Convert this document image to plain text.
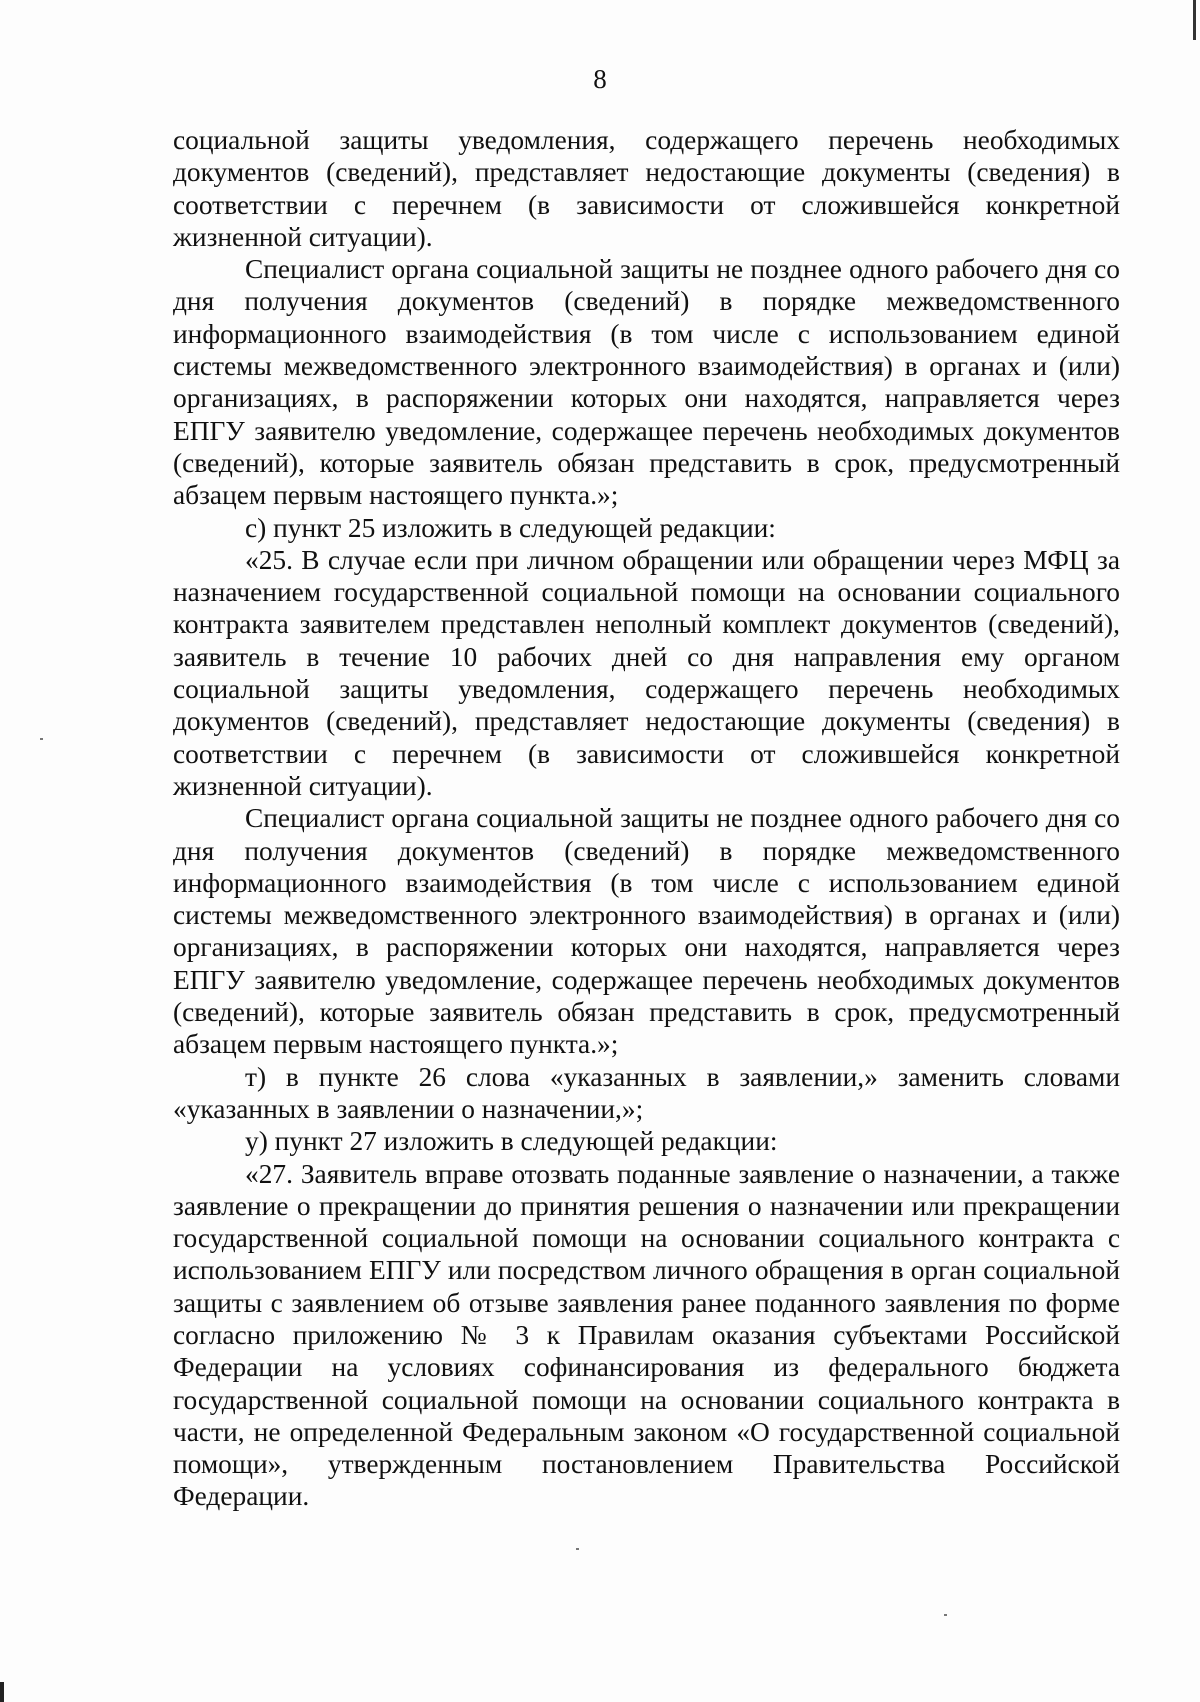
8

социальной защиты уведомления, содержащего перечень необходимых документов (сведений), представляет недостающие документы (сведения) в соответствии с перечнем (в зависимости от сложившейся конкретной жизненной ситуации).

Специалист органа социальной защиты не позднее одного рабочего дня со дня получения документов (сведений) в порядке межведомственного информационного взаимодействия (в том числе с использованием единой системы межведомственного электронного взаимодействия) в органах и (или) организациях, в распоряжении которых они находятся, направляется через ЕПГУ заявителю уведомление, содержащее перечень необходимых документов (сведений), которые заявитель обязан представить в срок, предусмотренный абзацем первым настоящего пункта.»;

с) пункт 25 изложить в следующей редакции:

«25. В случае если при личном обращении или обращении через МФЦ за назначением государственной социальной помощи на основании социального контракта заявителем представлен неполный комплект документов (сведений), заявитель в течение 10 рабочих дней со дня направления ему органом социальной защиты уведомления, содержащего перечень необходимых документов (сведений), представляет недостающие документы (сведения) в соответствии с перечнем (в зависимости от сложившейся конкретной жизненной ситуации).

Специалист органа социальной защиты не позднее одного рабочего дня со дня получения документов (сведений) в порядке межведомственного информационного взаимодействия (в том числе с использованием единой системы межведомственного электронного взаимодействия) в органах и (или) организациях, в распоряжении которых они находятся, направляется через ЕПГУ заявителю уведомление, содержащее перечень необходимых документов (сведений), которые заявитель обязан представить в срок, предусмотренный абзацем первым настоящего пункта.»;

т) в пункте 26 слова «указанных в заявлении,» заменить словами «указанных в заявлении о назначении,»;

у) пункт 27 изложить в следующей редакции:

«27. Заявитель вправе отозвать поданные заявление о назначении, а также заявление о прекращении до принятия решения о назначении или прекращении государственной социальной помощи на основании социального контракта с использованием ЕПГУ или посредством личного обращения в орган социальной защиты с заявлением об отзыве заявления ранее поданного заявления по форме согласно приложению № 3 к Правилам оказания субъектами Российской Федерации на условиях софинансирования из федерального бюджета государственной социальной помощи на основании социального контракта в части, не определенной Федеральным законом «О государственной социальной помощи», утвержденным постановлением Правительства Российской Федерации.
